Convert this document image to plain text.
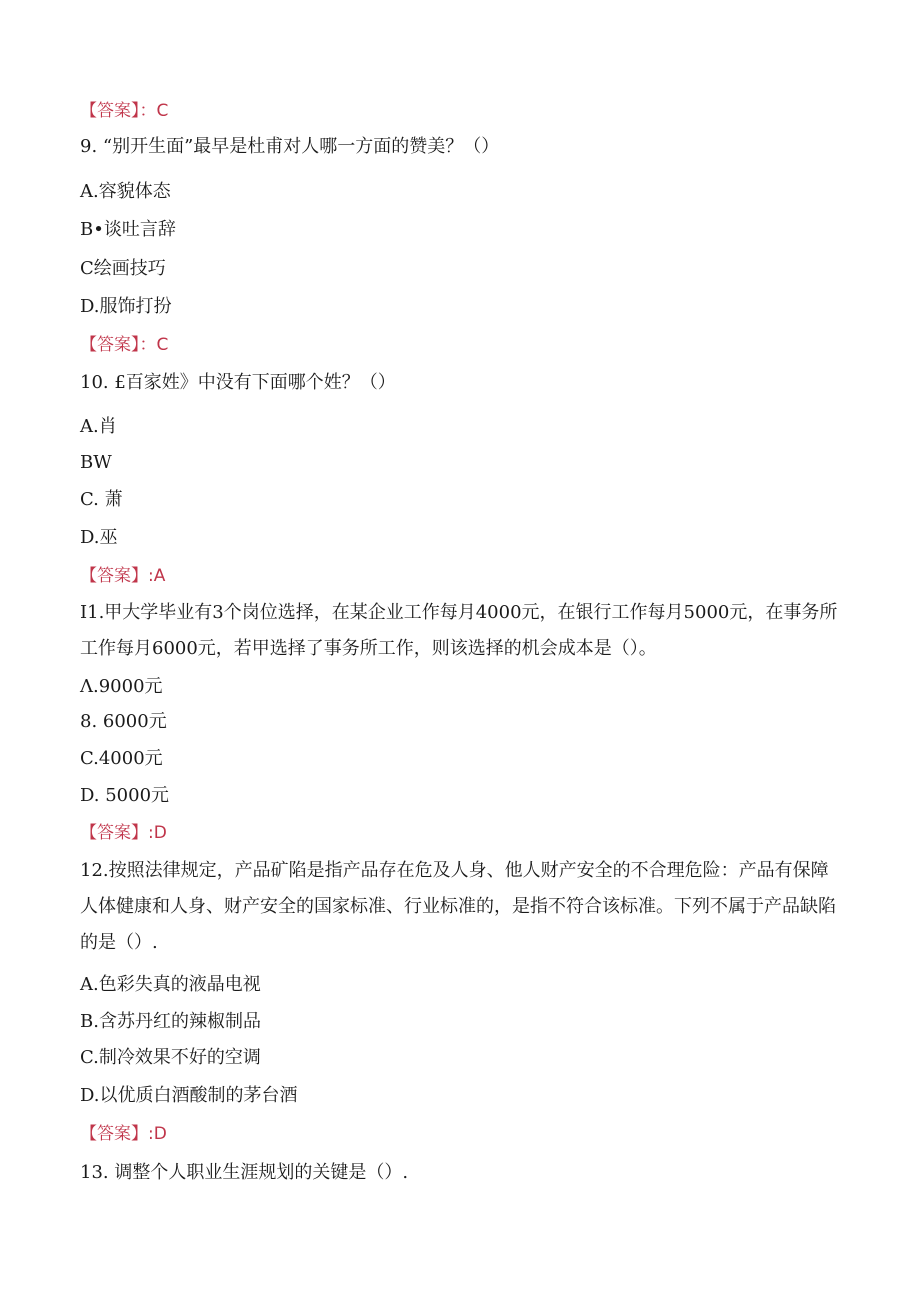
【答案】：C
9. “别开生面”最早是杜甫对人哪一方面的赞美？（）
A.容貌体态
B•谈吐言辞
C绘画技巧
D.服饰打扮
【答案】：C
10. £百家姓》中没有下面哪个姓？（）
A.肖
BW
C. 萧
D.巫
【答案】:A
I1.甲大学毕业有3个岗位选择，在某企业工作每月4000元，在银行工作每月5000元，在事务所工作每月6000元，若甲选择了事务所工作，则该选择的机会成本是（）。
Λ.9000元
8. 6000元
C.4000元
D. 5000元
【答案】:D
12.按照法律规定，产品矿陷是指产品存在危及人身、他人财产安全的不合理危险：产品有保障人体健康和人身、财产安全的国家标准、行业标准的，是指不符合该标准。下列不属于产品缺陷的是（）.
A.色彩失真的液晶电视
B.含苏丹红的辣椒制品
C.制冷效果不好的空调
D.以优质白酒酸制的茅台酒
【答案】:D
13. 调整个人职业生涯规划的关键是（）.
